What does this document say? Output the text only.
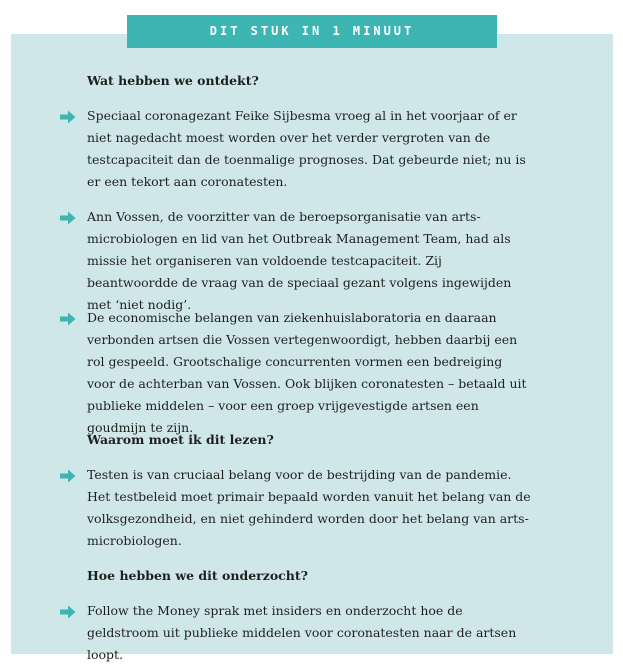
DIT STUK IN 1 MINUUT
Wat hebben we ontdekt?
Speciaal coronagezant Feike Sijbesma vroeg al in het voorjaar of er niet nagedacht moest worden over het verder vergroten van de testcapaciteit dan de toenmalige prognoses. Dat gebeurde niet; nu is er een tekort aan coronatesten.
Ann Vossen, de voorzitter van de beroepsorganisatie van arts-microbiologen en lid van het Outbreak Management Team, had als missie het organiseren van voldoende testcapaciteit. Zij beantwoordde de vraag van de speciaal gezant volgens ingewijden met ‘niet nodig’.
De economische belangen van ziekenhuislaboratoria en daaraan verbonden artsen die Vossen vertegenwoordigt, hebben daarbij een rol gespeeld. Grootschalige concurrenten vormen een bedreiging voor de achterban van Vossen. Ook blijken coronatesten – betaald uit publieke middelen – voor een groep vrijgevestigde artsen een goudmijn te zijn.
Waarom moet ik dit lezen?
Testen is van cruciaal belang voor de bestrijding van de pandemie. Het testbeleid moet primair bepaald worden vanuit het belang van de volksgezondheid, en niet gehinderd worden door het belang van arts-microbiologen.
Hoe hebben we dit onderzocht?
Follow the Money sprak met insiders en onderzocht hoe de geldstroom uit publieke middelen voor coronatesten naar de artsen loopt.
